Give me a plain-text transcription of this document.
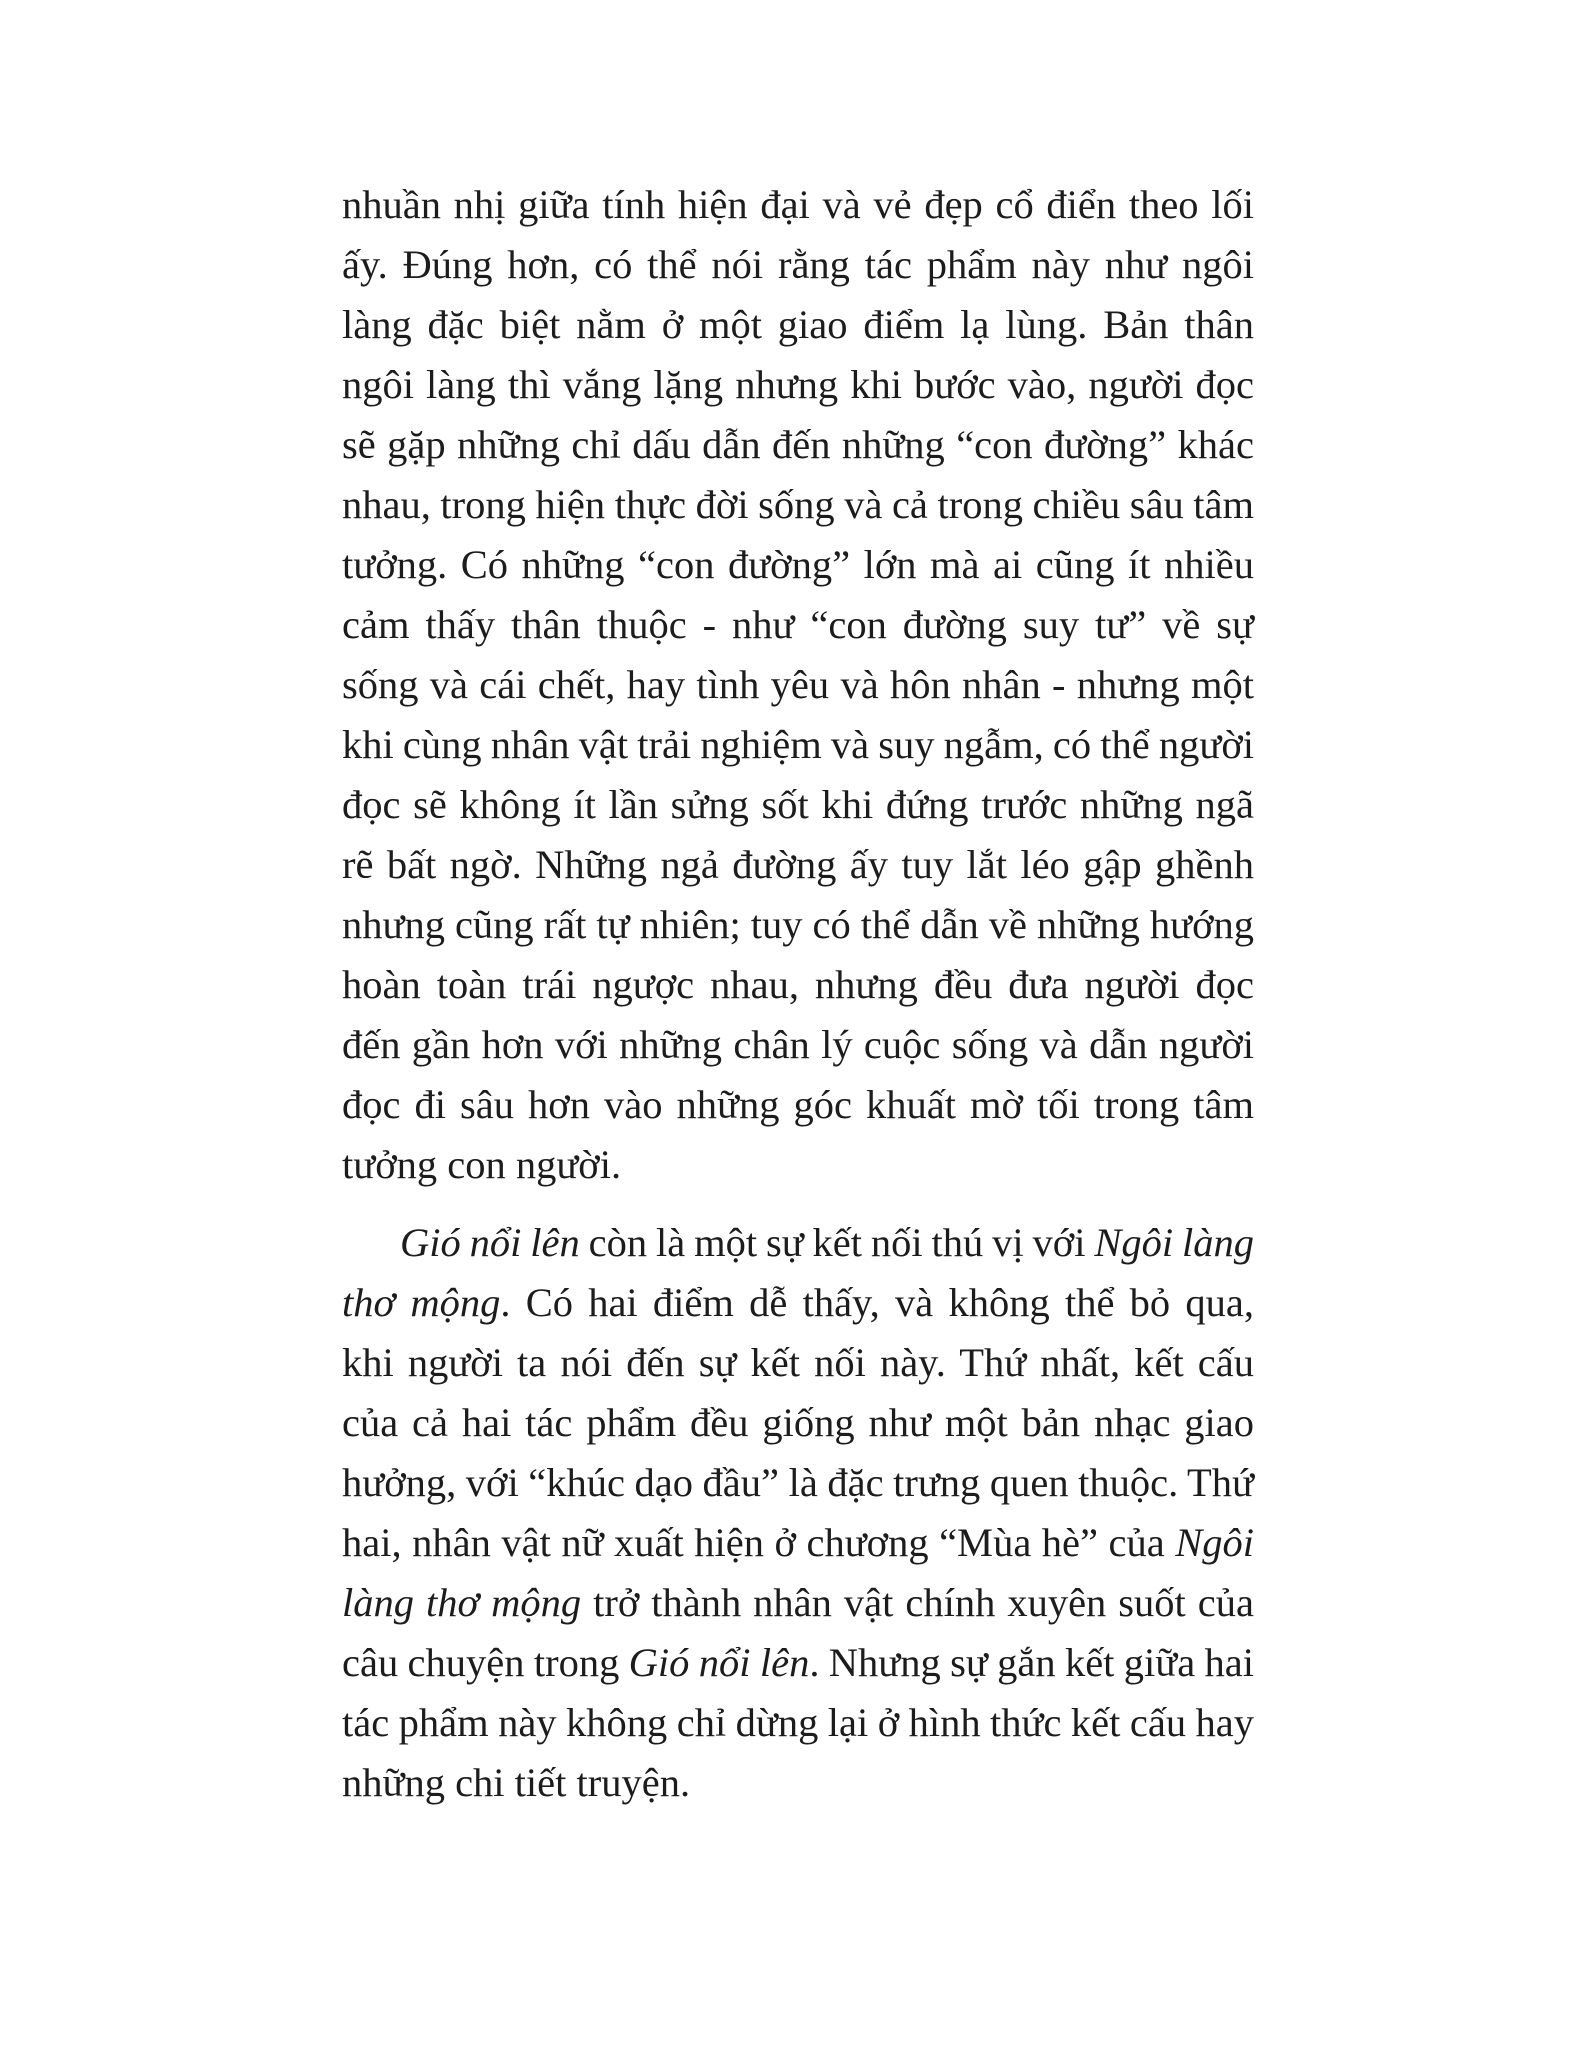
nhuần nhị giữa tính hiện đại và vẻ đẹp cổ điển theo lối
ấy. Đúng hơn, có thể nói rằng tác phẩm này như ngôi
làng đặc biệt nằm ở một giao điểm lạ lùng. Bản thân
ngôi làng thì vắng lặng nhưng khi bước vào, người đọc
sẽ gặp những chỉ dấu dẫn đến những “con đường” khác
nhau, trong hiện thực đời sống và cả trong chiều sâu tâm
tưởng. Có những “con đường” lớn mà ai cũng ít nhiều
cảm thấy thân thuộc - như “con đường suy tư” về sự
sống và cái chết, hay tình yêu và hôn nhân - nhưng một
khi cùng nhân vật trải nghiệm và suy ngẫm, có thể người
đọc sẽ không ít lần sửng sốt khi đứng trước những ngã
rẽ bất ngờ. Những ngả đường ấy tuy lắt léo gập ghềnh
nhưng cũng rất tự nhiên; tuy có thể dẫn về những hướng
hoàn toàn trái ngược nhau, nhưng đều đưa người đọc
đến gần hơn với những chân lý cuộc sống và dẫn người
đọc đi sâu hơn vào những góc khuất mờ tối trong tâm
tưởng con người.

Gió nổi lên còn là một sự kết nối thú vị với Ngôi làng
thơ mộng. Có hai điểm dễ thấy, và không thể bỏ qua,
khi người ta nói đến sự kết nối này. Thứ nhất, kết cấu
của cả hai tác phẩm đều giống như một bản nhạc giao
hưởng, với “khúc dạo đầu” là đặc trưng quen thuộc. Thứ
hai, nhân vật nữ xuất hiện ở chương “Mùa hè” của Ngôi
làng thơ mộng trở thành nhân vật chính xuyên suốt của
câu chuyện trong Gió nổi lên. Nhưng sự gắn kết giữa hai
tác phẩm này không chỉ dừng lại ở hình thức kết cấu hay
những chi tiết truyện.
